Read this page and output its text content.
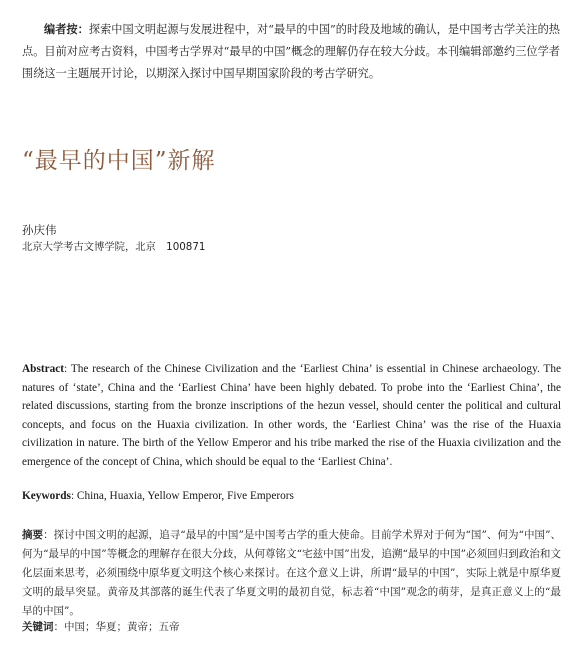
编者按：探索中国文明起源与发展进程中，对“最早的中国”的时段及地域的确认，是中国考古学关注的热点。目前对应考古资料，中国考古学界对“最早的中国”概念的理解仍存在较大分歧。本刊编辑部邀约三位学者围绕这一主题展开讨论，以期深入探讨中国早期国家阶段的考古学研究。

“最早的中国”新解
孙庆伟
北京大学考古文博学院，北京　100871

Abstract: The research of the Chinese Civilization and the ‘Earliest China’ is essential in Chinese archaeology. The natures of ‘state’, China and the ‘Earliest China’ have been highly debated. To probe into the ‘Earliest China’, the related discussions, starting from the bronze inscriptions of the hezun vessel, should center the political and cultural concepts, and focus on the Huaxia civilization. In other words, the ‘Earliest China’ was the rise of the Huaxia civilization in nature. The birth of the Yellow Emperor and his tribe marked the rise of the Huaxia civilization and the emergence of the concept of China, which should be equal to the ‘Earliest China’.

Keywords: China, Huaxia, Yellow Emperor, Five Emperors

摘要：探讨中国文明的起源，追寻“最早的中国”是中国考古学的重大使命。目前学术界对于何为“国”、何为“中国”、何为“最早的中国”等概念的理解存在很大分歧，从何尊铭文“宅兹中国”出发，追溯“最早的中国”必须回归到政治和文化层面来思考，必须围绕中原华夏文明这个核心来探讨。在这个意义上讲，所谓“最早的中国”，实际上就是中原华夏文明的最早突显。黄帝及其部落的诞生代表了华夏文明的最初自觉，标志着“中国”观念的萌芽，是真正意义上的“最早的中国”。

关键词：中国；华夏；黄帝；五帝
